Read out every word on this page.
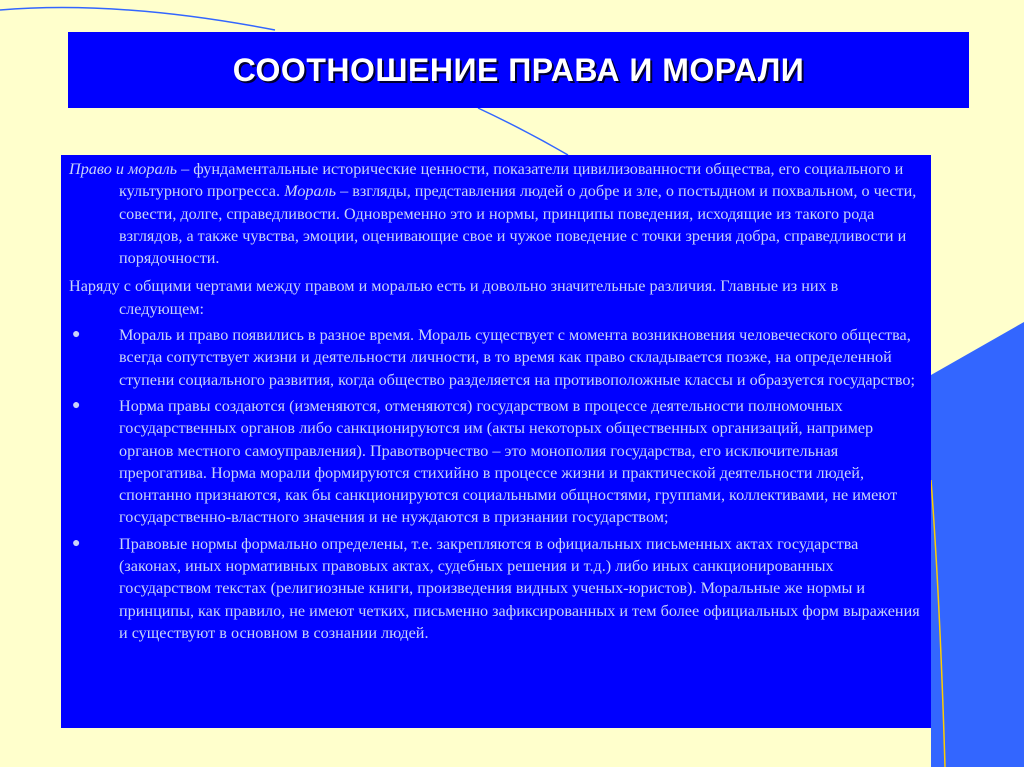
СООТНОШЕНИЕ ПРАВА И МОРАЛИ

Право и мораль – фундаментальные исторические ценности, показатели цивилизованности общества, его социального и культурного прогресса. Мораль – взгляды, представления людей о добре и зле, о постыдном и похвальном, о чести, совести, долге, справедливости. Одновременно это и нормы, принципы поведения, исходящие из такого рода взглядов, а также чувства, эмоции, оценивающие свое и чужое поведение с точки зрения добра, справедливости и порядочности.

Наряду с общими чертами между правом и моралью есть и довольно значительные различия. Главные из них в следующем:

● Мораль и право появились в разное время. Мораль существует с момента возникновения человеческого общества, всегда сопутствует жизни и деятельности личности, в то время как право складывается позже, на определенной ступени социального развития, когда общество разделяется на противоположные классы и образуется государство;
● Норма правы создаются (изменяются, отменяются) государством в процессе деятельности полномочных государственных органов либо санкционируются им (акты некоторых общественных организаций, например органов местного самоуправления). Правотворчество – это монополия государства, его исключительная прерогатива. Норма морали формируются стихийно в процессе жизни и практической деятельности людей, спонтанно признаются, как бы санкционируются социальными общностями, группами, коллективами, не имеют государственно-властного значения и не нуждаются в признании государством;
● Правовые нормы формально определены, т.е. закрепляются в официальных письменных актах государства (законах, иных нормативных правовых актах, судебных решения и т.д.) либо иных санкционированных государством текстах (религиозные книги, произведения видных ученых-юристов). Моральные же нормы и принципы, как правило, не имеют четких, письменно зафиксированных и тем более официальных форм выражения и существуют в основном в сознании людей.
